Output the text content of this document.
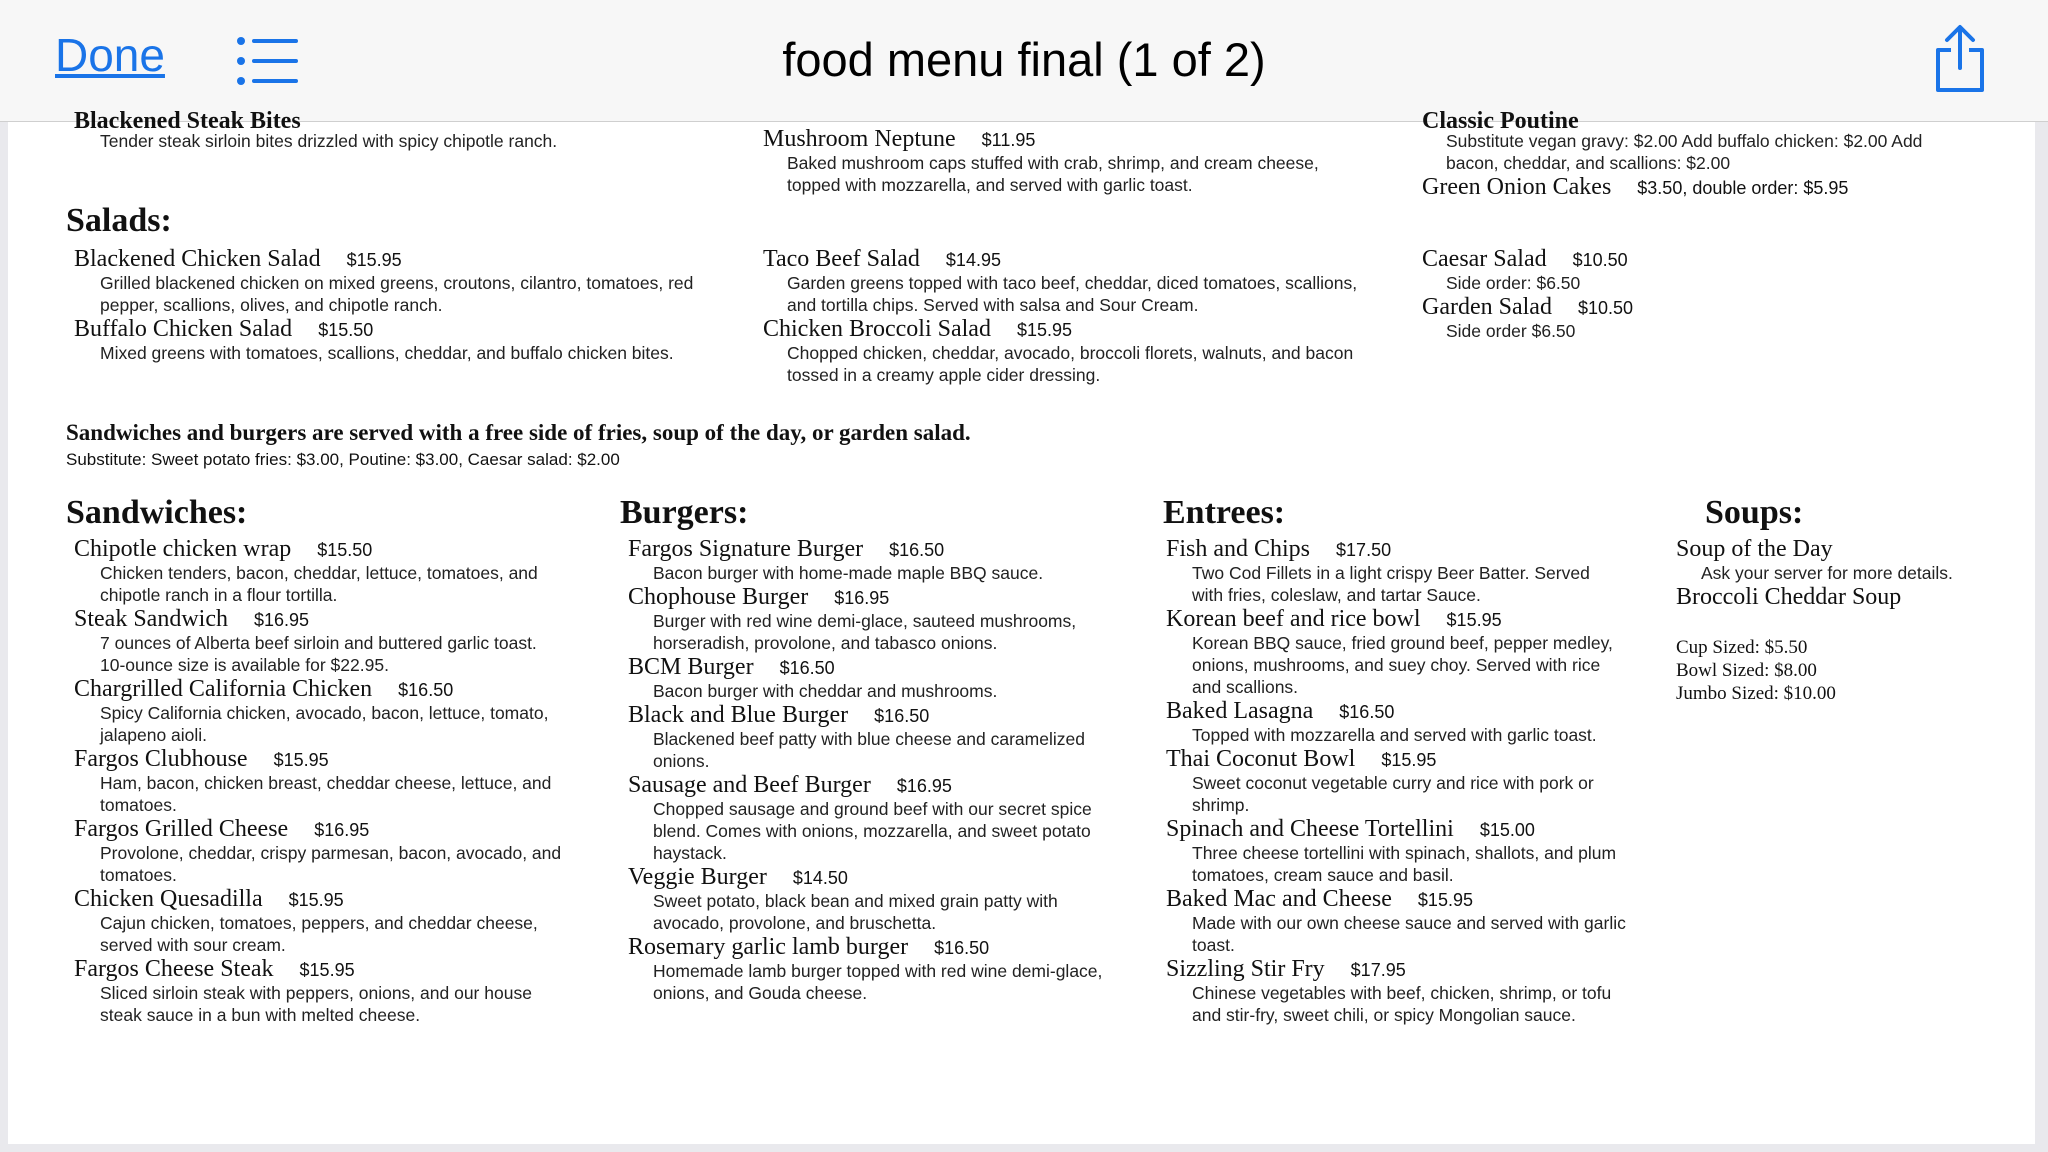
Done	food menu final (1 of 2)
Blackened Steak Bites
Tender steak sirloin bites drizzled with spicy chipotle ranch.	Mushroom Neptune $11.95
Baked mushroom caps stuffed with crab, shrimp, and cream cheese,
topped with mozzarella, and served with garlic toast.
Classic Poutine
Substitute vegan gravy: $2.00 Add buffalo chicken: $2.00 Add
bacon, cheddar, and scallions: $2.00
Green Onion Cakes $3.50, double order: $5.95
Salads:
Blackened Chicken Salad $15.95
Grilled blackened chicken on mixed greens, croutons, cilantro, tomatoes, red
pepper, scallions, olives, and chipotle ranch.
Buffalo Chicken Salad $15.50
Mixed greens with tomatoes, scallions, cheddar, and buffalo chicken bites.
Taco Beef Salad $14.95
Garden greens topped with taco beef, cheddar, diced tomatoes, scallions,
and tortilla chips. Served with salsa and Sour Cream.
Chicken Broccoli Salad $15.95
Chopped chicken, cheddar, avocado, broccoli florets, walnuts, and bacon
tossed in a creamy apple cider dressing.
Caesar Salad $10.50
Side order: $6.50
Garden Salad $10.50
Side order $6.50
Sandwiches and burgers are served with a free side of fries, soup of the day, or garden salad.
Substitute: Sweet potato fries: $3.00, Poutine: $3.00, Caesar salad: $2.00
Sandwiches:	Burgers:	Entrees:	Soups:
Chipotle chicken wrap $15.50
Chicken tenders, bacon, cheddar, lettuce, tomatoes, and
chipotle ranch in a flour tortilla.
Steak Sandwich $16.95
7 ounces of Alberta beef sirloin and buttered garlic toast.
10-ounce size is available for $22.95.
Chargrilled California Chicken $16.50
Spicy California chicken, avocado, bacon, lettuce, tomato,
jalapeno aioli.
Fargos Clubhouse $15.95
Ham, bacon, chicken breast, cheddar cheese, lettuce, and
tomatoes.
Fargos Grilled Cheese $16.95
Provolone, cheddar, crispy parmesan, bacon, avocado, and
tomatoes.
Chicken Quesadilla $15.95
Cajun chicken, tomatoes, peppers, and cheddar cheese,
served with sour cream.
Fargos Cheese Steak $15.95
Sliced sirloin steak with peppers, onions, and our house
steak sauce in a bun with melted cheese.
Fargos Signature Burger $16.50
Bacon burger with home-made maple BBQ sauce.
Chophouse Burger $16.95
Burger with red wine demi-glace, sauteed mushrooms,
horseradish, provolone, and tabasco onions.
BCM Burger $16.50
Bacon burger with cheddar and mushrooms.
Black and Blue Burger $16.50
Blackened beef patty with blue cheese and caramelized
onions.
Sausage and Beef Burger $16.95
Chopped sausage and ground beef with our secret spice
blend. Comes with onions, mozzarella, and sweet potato
haystack.
Veggie Burger $14.50
Sweet potato, black bean and mixed grain patty with
avocado, provolone, and bruschetta.
Rosemary garlic lamb burger $16.50
Homemade lamb burger topped with red wine demi-glace,
onions, and Gouda cheese.
Fish and Chips $17.50
Two Cod Fillets in a light crispy Beer Batter. Served
with fries, coleslaw, and tartar Sauce.
Korean beef and rice bowl $15.95
Korean BBQ sauce, fried ground beef, pepper medley,
onions, mushrooms, and suey choy. Served with rice
and scallions.
Baked Lasagna $16.50
Topped with mozzarella and served with garlic toast.
Thai Coconut Bowl $15.95
Sweet coconut vegetable curry and rice with pork or
shrimp.
Spinach and Cheese Tortellini $15.00
Three cheese tortellini with spinach, shallots, and plum
tomatoes, cream sauce and basil.
Baked Mac and Cheese $15.95
Made with our own cheese sauce and served with garlic
toast.
Sizzling Stir Fry $17.95
Chinese vegetables with beef, chicken, shrimp, or tofu
and stir-fry, sweet chili, or spicy Mongolian sauce.
Soup of the Day
Ask your server for more details.
Broccoli Cheddar Soup
Cup Sized: $5.50
Bowl Sized: $8.00
Jumbo Sized: $10.00
